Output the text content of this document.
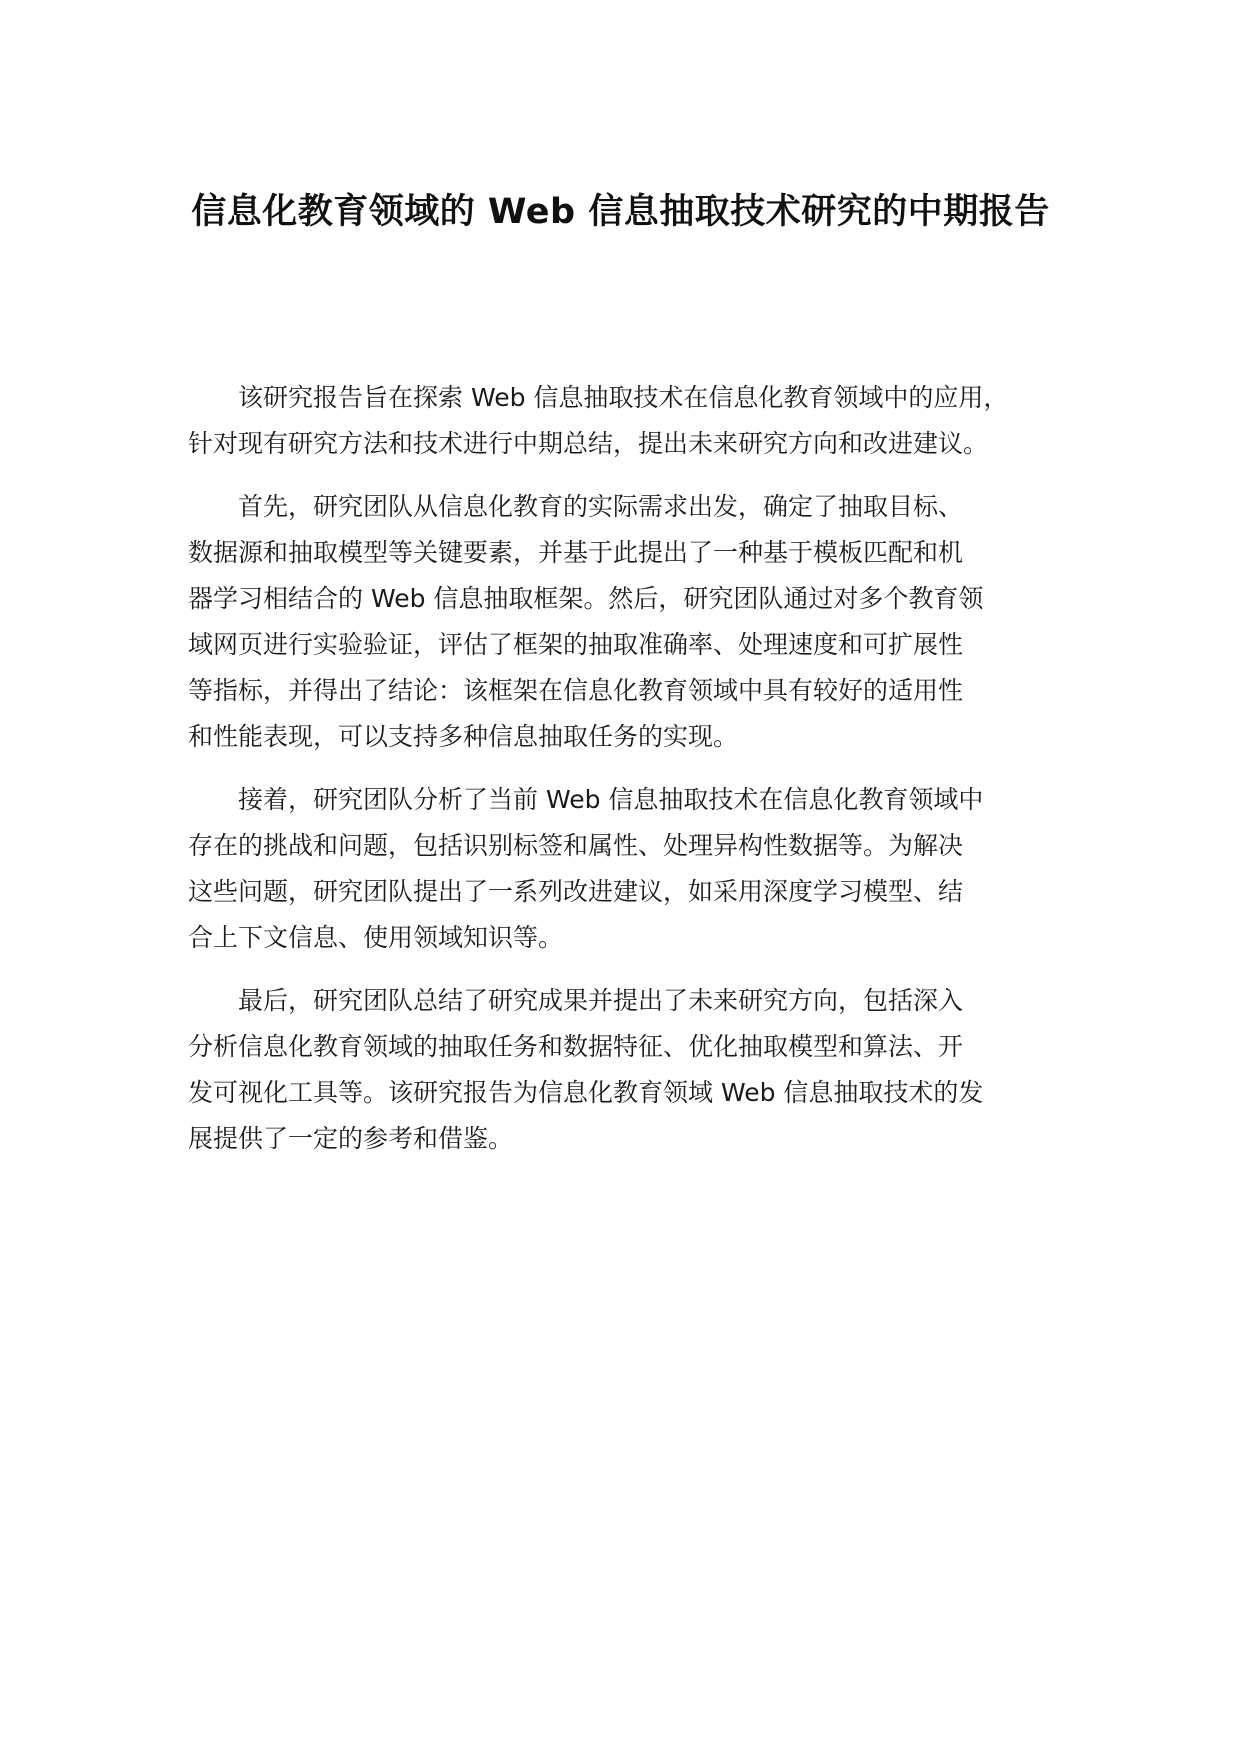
信息化教育领域的 Web 信息抽取技术研究的中期报告

该研究报告旨在探索 Web 信息抽取技术在信息化教育领域中的应用，
针对现有研究方法和技术进行中期总结，提出未来研究方向和改进建议。

首先，研究团队从信息化教育的实际需求出发，确定了抽取目标、
数据源和抽取模型等关键要素，并基于此提出了一种基于模板匹配和机
器学习相结合的 Web 信息抽取框架。然后，研究团队通过对多个教育领
域网页进行实验验证，评估了框架的抽取准确率、处理速度和可扩展性
等指标，并得出了结论：该框架在信息化教育领域中具有较好的适用性
和性能表现，可以支持多种信息抽取任务的实现。

接着，研究团队分析了当前 Web 信息抽取技术在信息化教育领域中
存在的挑战和问题，包括识别标签和属性、处理异构性数据等。为解决
这些问题，研究团队提出了一系列改进建议，如采用深度学习模型、结
合上下文信息、使用领域知识等。

最后，研究团队总结了研究成果并提出了未来研究方向，包括深入
分析信息化教育领域的抽取任务和数据特征、优化抽取模型和算法、开
发可视化工具等。该研究报告为信息化教育领域 Web 信息抽取技术的发
展提供了一定的参考和借鉴。
